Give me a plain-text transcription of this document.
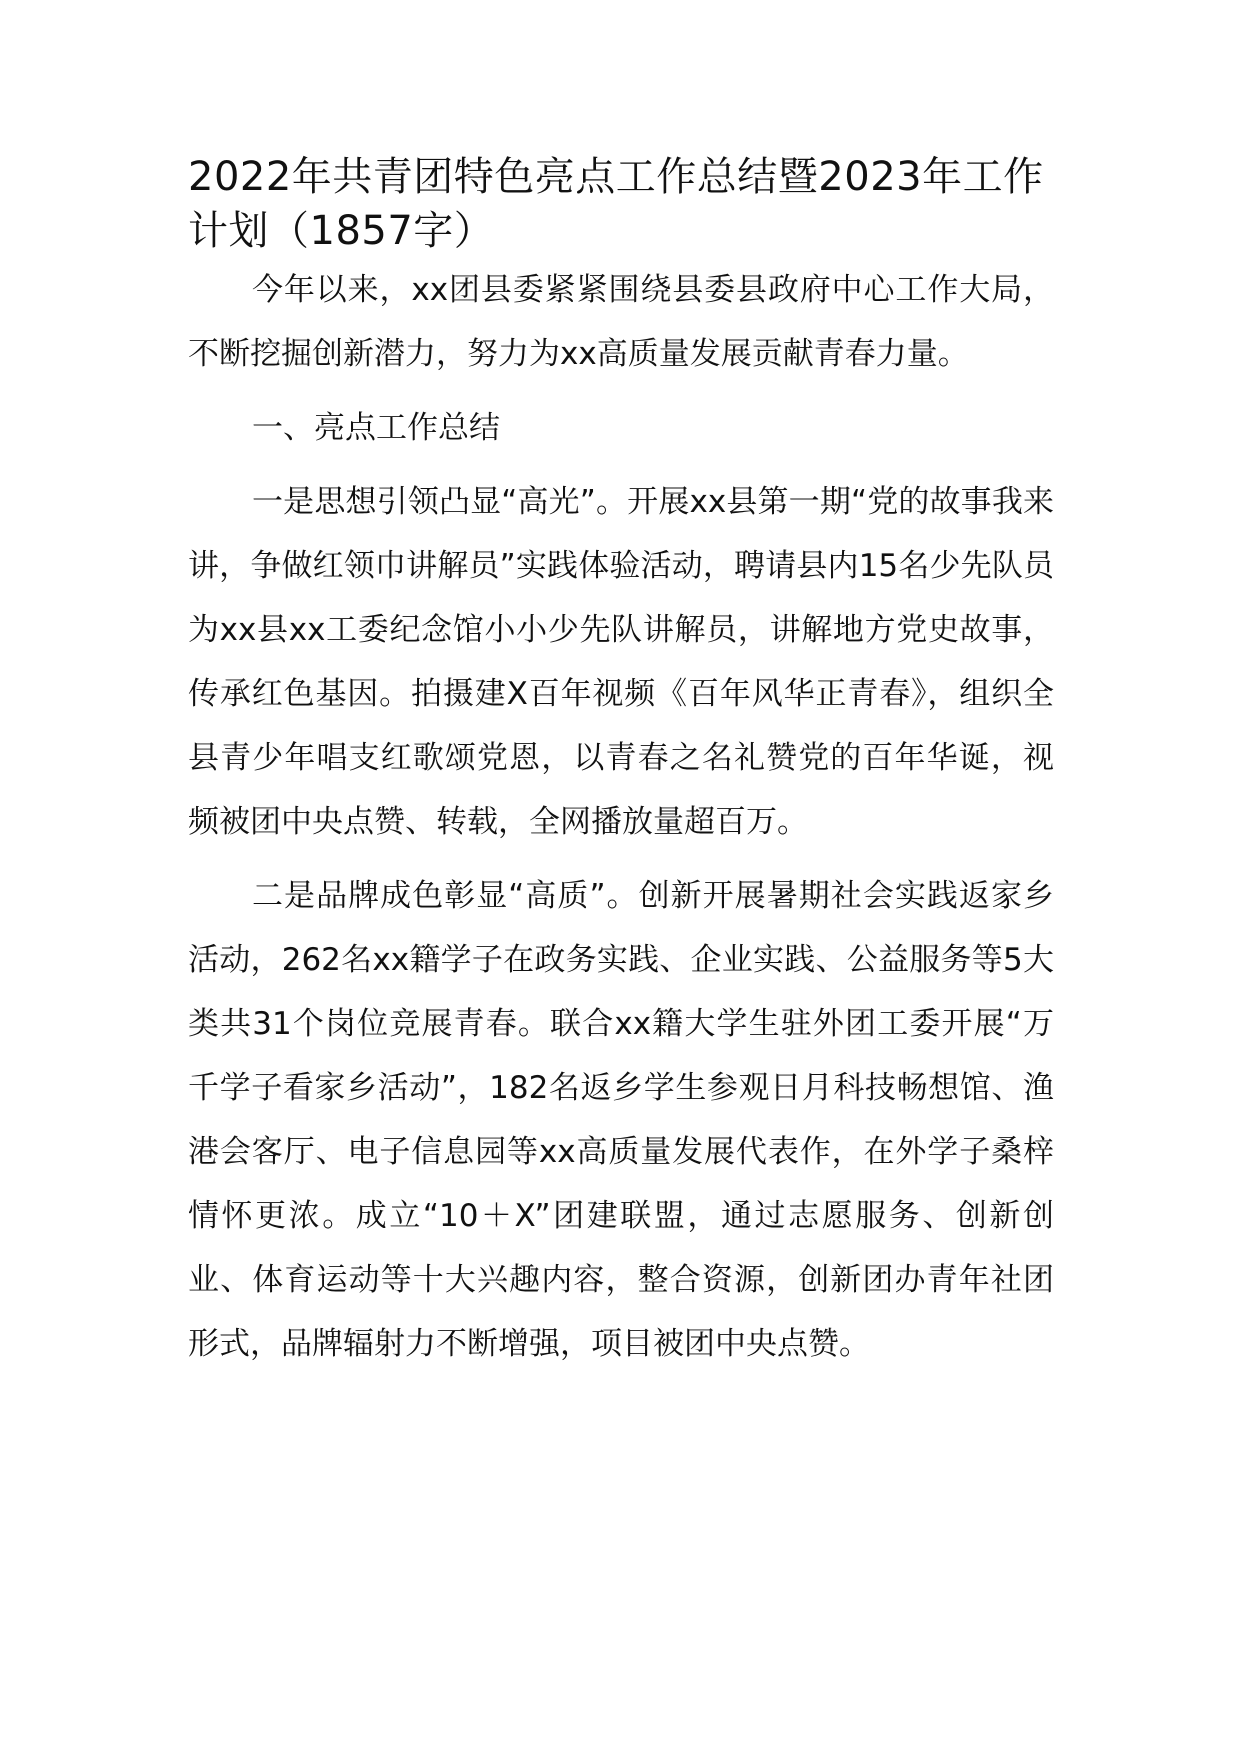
2022年共青团特色亮点工作总结暨2023年工作计划（1857字）

今年以来，xx团县委紧紧围绕县委县政府中心工作大局，不断挖掘创新潜力，努力为xx高质量发展贡献青春力量。

一、亮点工作总结

一是思想引领凸显“高光”。开展xx县第一期“党的故事我来讲，争做红领巾讲解员”实践体验活动，聘请县内15名少先队员为xx县xx工委纪念馆小小少先队讲解员，讲解地方党史故事，传承红色基因。拍摄建X百年视频《百年风华正青春》，组织全县青少年唱支红歌颂党恩，以青春之名礼赞党的百年华诞，视频被团中央点赞、转载，全网播放量超百万。

二是品牌成色彰显“高质”。创新开展暑期社会实践返家乡活动，262名xx籍学子在政务实践、企业实践、公益服务等5大类共31个岗位竞展青春。联合xx籍大学生驻外团工委开展“万千学子看家乡活动”，182名返乡学生参观日月科技畅想馆、渔港会客厅、电子信息园等xx高质量发展代表作，在外学子桑梓情怀更浓。成立“10＋X”团建联盟，通过志愿服务、创新创业、体育运动等十大兴趣内容，整合资源，创新团办青年社团形式，品牌辐射力不断增强，项目被团中央点赞。
